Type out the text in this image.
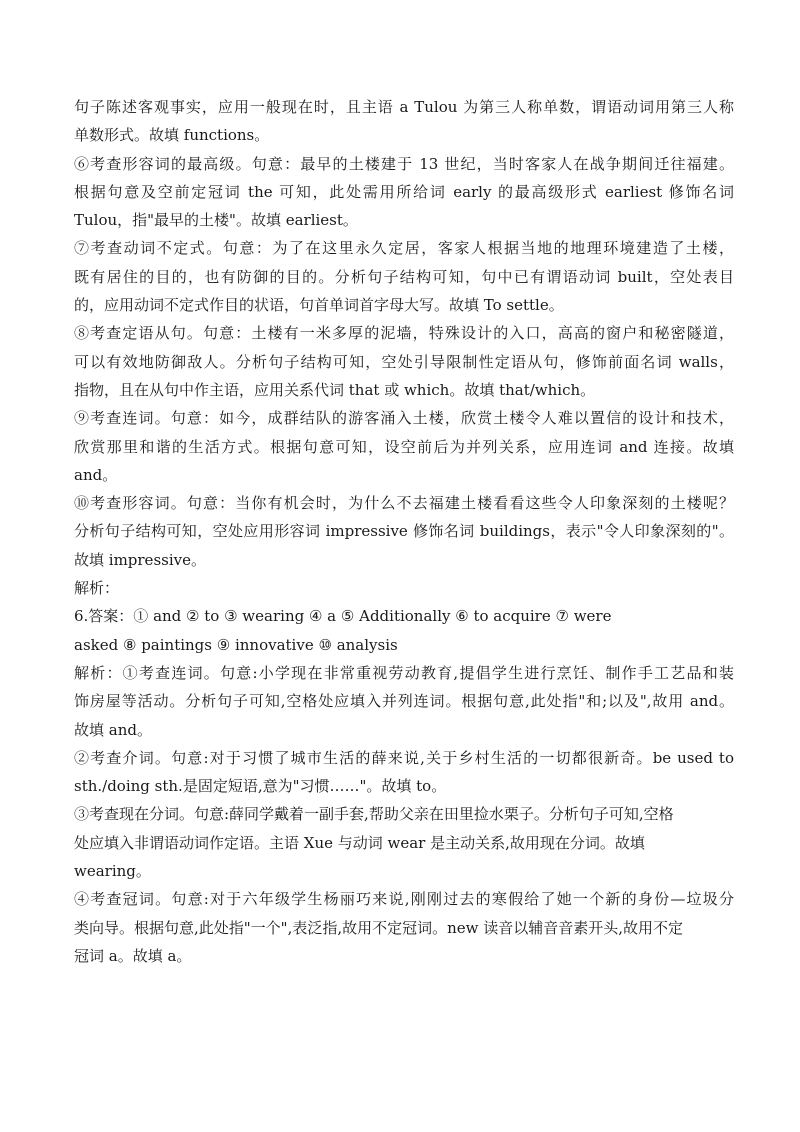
句子陈述客观事实，应用一般现在时，且主语 a Tulou 为第三人称单数，谓语动词用第三人称
单数形式。故填 functions。
⑥考查形容词的最高级。句意：最早的土楼建于 13 世纪，当时客家人在战争期间迁往福建。
根据句意及空前定冠词 the 可知，此处需用所给词 early 的最高级形式 earliest 修饰名词
Tulou，指"最早的土楼"。故填 earliest。
⑦考查动词不定式。句意：为了在这里永久定居，客家人根据当地的地理环境建造了土楼，
既有居住的目的，也有防御的目的。分析句子结构可知，句中已有谓语动词 built，空处表目
的，应用动词不定式作目的状语，句首单词首字母大写。故填 To settle。
⑧考查定语从句。句意：土楼有一米多厚的泥墙，特殊设计的入口，高高的窗户和秘密隧道，
可以有效地防御敌人。分析句子结构可知，空处引导限制性定语从句，修饰前面名词 walls，
指物，且在从句中作主语，应用关系代词 that 或 which。故填 that/which。
⑨考查连词。句意：如今，成群结队的游客涌入土楼，欣赏土楼令人难以置信的设计和技术，
欣赏那里和谐的生活方式。根据句意可知，设空前后为并列关系，应用连词 and 连接。故填
and。
⑩考查形容词。句意：当你有机会时，为什么不去福建土楼看看这些令人印象深刻的土楼呢？
分析句子结构可知，空处应用形容词 impressive 修饰名词 buildings，表示"令人印象深刻的"。
故填 impressive。
解析：
6.答案：① and ② to ③ wearing ④ a ⑤ Additionally ⑥ to acquire ⑦ were
asked ⑧ paintings ⑨ innovative ⑩ analysis
解析：①考查连词。句意:小学现在非常重视劳动教育,提倡学生进行烹饪、制作手工艺品和装
饰房屋等活动。分析句子可知,空格处应填入并列连词。根据句意,此处指"和;以及",故用 and。
故填 and。
②考查介词。句意:对于习惯了城市生活的薛来说,关于乡村生活的一切都很新奇。be used to
sth./doing sth.是固定短语,意为"习惯……"。故填 to。
③考查现在分词。句意:薛同学戴着一副手套,帮助父亲在田里捡水栗子。分析句子可知,空格
处应填入非谓语动词作定语。主语 Xue 与动词 wear 是主动关系,故用现在分词。故填
wearing。
④考查冠词。句意:对于六年级学生杨丽巧来说,刚刚过去的寒假给了她一个新的身份—垃圾分
类向导。根据句意,此处指"一个",表泛指,故用不定冠词。new 读音以辅音音素开头,故用不定
冠词 a。故填 a。
